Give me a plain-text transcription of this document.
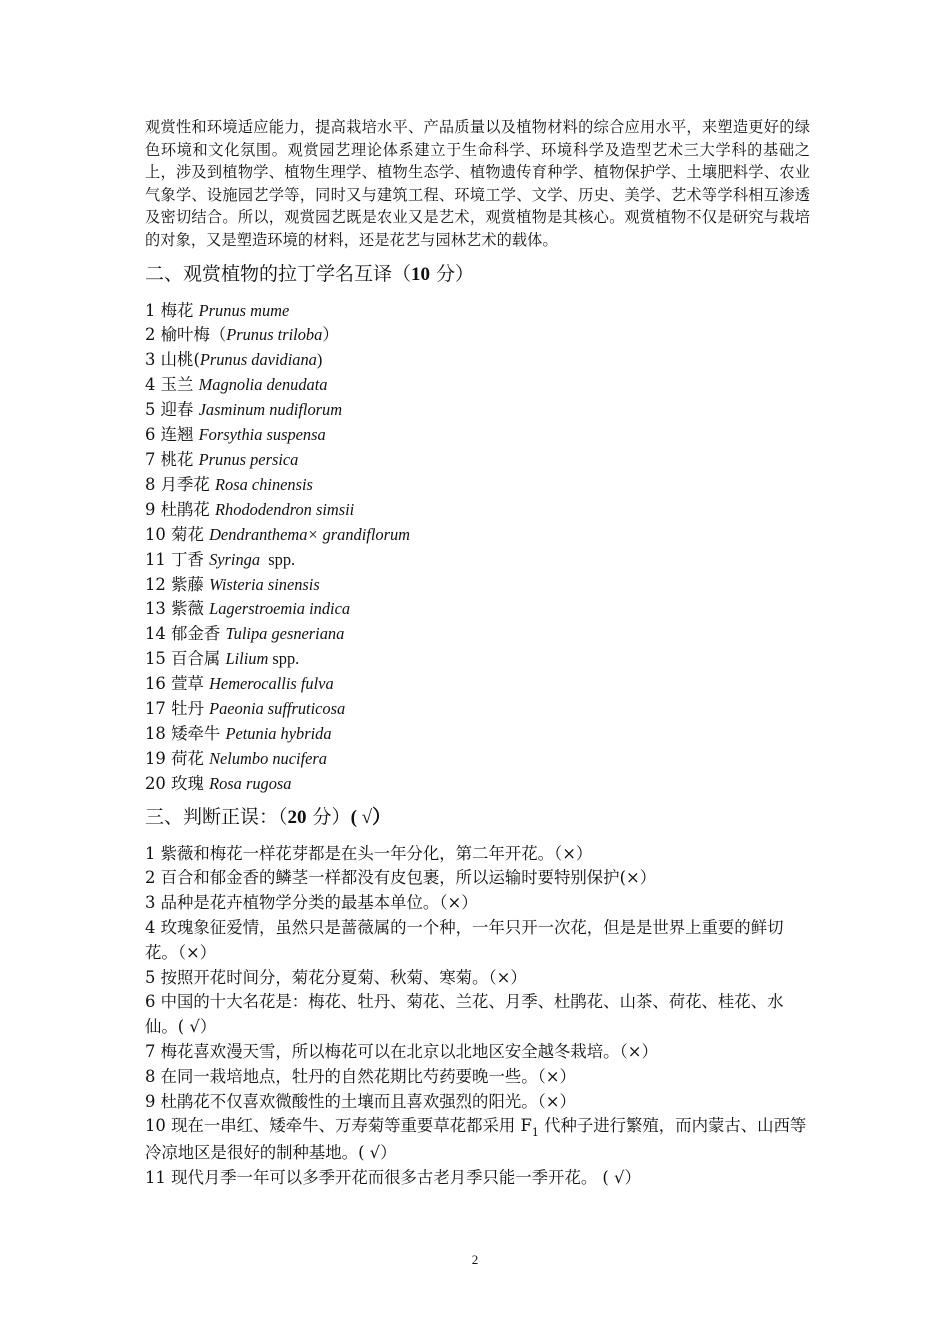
观赏性和环境适应能力，提高栽培水平、产品质量以及植物材料的综合应用水平，来塑造更好的绿色环境和文化氛围。观赏园艺理论体系建立于生命科学、环境科学及造型艺术三大学科的基础之上，涉及到植物学、植物生理学、植物生态学、植物遗传育种学、植物保护学、土壤肥料学、农业气象学、设施园艺学等，同时又与建筑工程、环境工学、文学、历史、美学、艺术等学科相互渗透及密切结合。所以，观赏园艺既是农业又是艺术，观赏植物是其核心。观赏植物不仅是研究与栽培的对象，又是塑造环境的材料，还是花艺与园林艺术的载体。

二、观赏植物的拉丁学名互译（10 分）
1 梅花 Prunus mume
2 榆叶梅（Prunus triloba）
3 山桃(Prunus davidiana)
4 玉兰 Magnolia denudata
5 迎春 Jasminum nudiflorum
6 连翘 Forsythia suspensa
7 桃花 Prunus persica
8 月季花 Rosa chinensis
9 杜鹃花 Rhododendron simsii
10 菊花 Dendranthema× grandiflorum
11 丁香 Syringa  spp.
12 紫藤 Wisteria sinensis
13 紫薇 Lagerstroemia indica
14 郁金香 Tulipa gesneriana
15 百合属 Lilium spp.
16 萱草 Hemerocallis fulva
17 牡丹 Paeonia suffruticosa
18 矮牵牛 Petunia hybrida
19 荷花 Nelumbo nucifera
20 玫瑰 Rosa rugosa
三、判断正误：（20 分）( √）

1 紫薇和梅花一样花芽都是在头一年分化，第二年开花。（×）

2 百合和郁金香的鳞茎一样都没有皮包裹，所以运输时要特别保护(×）

3 品种是花卉植物学分类的最基本单位。（×）

4 玫瑰象征爱情，虽然只是蔷薇属的一个种，一年只开一次花，但是是世界上重要的鲜切花。（×）

5 按照开花时间分，菊花分夏菊、秋菊、寒菊。（×）

6 中国的十大名花是：梅花、牡丹、菊花、兰花、月季、杜鹃花、山茶、荷花、桂花、水仙。( √）

7 梅花喜欢漫天雪，所以梅花可以在北京以北地区安全越冬栽培。（×）

8 在同一栽培地点，牡丹的自然花期比芍药要晚一些。（×）

9 杜鹃花不仅喜欢微酸性的土壤而且喜欢强烈的阳光。（×）

10 现在一串红、矮牵牛、万寿菊等重要草花都采用 $F_1$ 代种子进行繁殖，而内蒙古、山西等冷凉地区是很好的制种基地。( √）

11 现代月季一年可以多季开花而很多古老月季只能一季开花。 ( √）

2
